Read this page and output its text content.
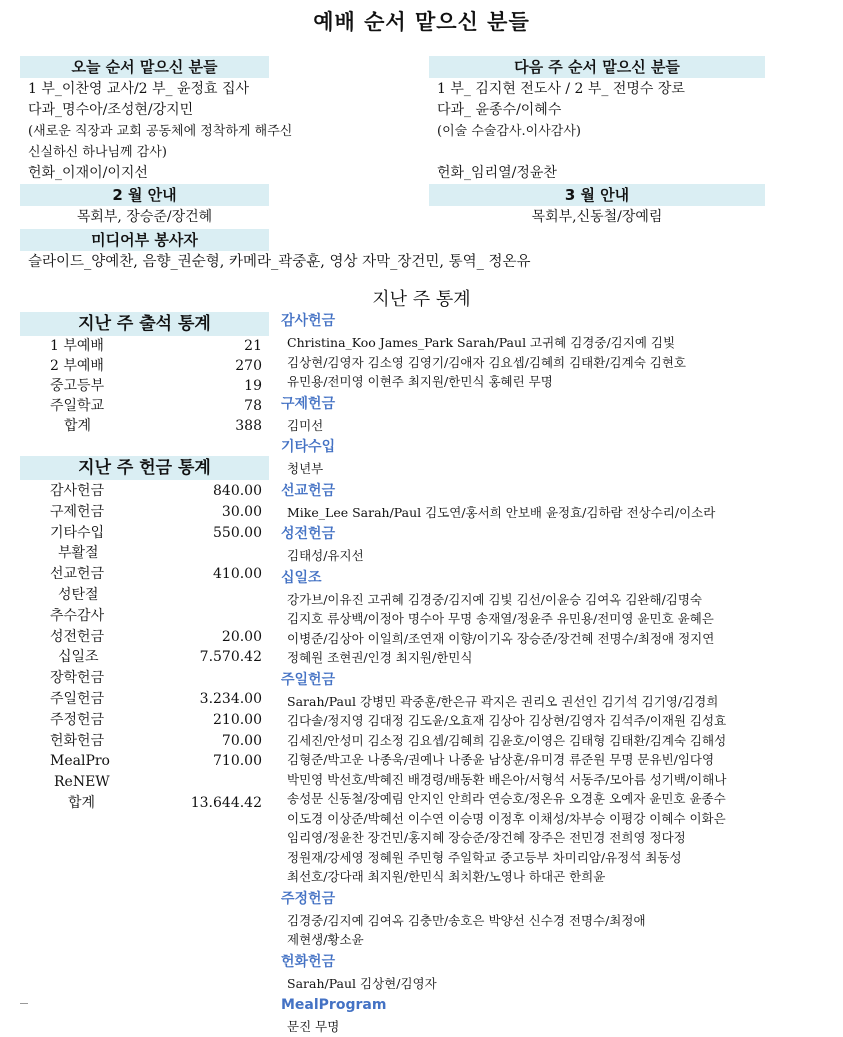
예배 순서 맡으신 분들
오늘 순서 맡으신 분들
1 부_이찬영 교사/2 부_ 윤정효 집사
다과_명수아/조성현/강지민
(새로운 직장과 교회 공동체에 정착하게 해주신
신실하신 하나님께 감사)
헌화_이재이/이지선
다음 주 순서 맡으신 분들
1 부_ 김지현 전도사 / 2 부_ 전명수 장로
다과_ 윤종수/이혜수
(이술 수술감사.이사감사)
헌화_임리열/정윤찬
2 월 안내
목회부, 장승준/장건혜
3 월 안내
목회부,신동철/장예림
미디어부 봉사자
슬라이드_양예찬, 음향_권순형, 카메라_곽중훈, 영상 자막_장건민, 통역_ 정온유
지난 주 통계
지난 주 출석 통계
1 부예배	21
2 부예배	270
중고등부	19
주일학교	78
합계	388
지난 주 헌금 통계
감사헌금	840.00
구제헌금	30.00
기타수입	550.00
부활절
선교헌금	410.00
성탄절
추수감사
성전헌금	20.00
십일조	7.570.42
장학헌금
주일헌금	3.234.00
주정헌금	210.00
헌화헌금	70.00
MealPro	710.00
ReNEW
합계	13.644.42
감사헌금
Christina_Koo James_Park Sarah/Paul 고귀혜 김경중/김지예 김빛
김상현/김영자 김소영 김영기/김애자 김요셉/김혜희 김태환/김계숙 김현호
유민용/전미영 이현주 최지원/한민식 홍혜린 무명
구제헌금
김미선
기타수입
청년부
선교헌금
Mike_Lee Sarah/Paul 김도연/홍서희 안보배 윤정효/김하람 전상수리/이소라
성전헌금
김태성/유지선
십일조
강가브/이유진 고귀혜 김경중/김지예 김빛 김선/이윤승 김여옥 김완해/김명숙
김지호 류상백/이정아 명수아 무명 송재열/정윤주 유민용/전미영 윤민호 윤혜은
이병준/김상아 이일희/조연재 이향/이기옥 장승준/장건혜 전명수/최정애 정지연
정혜원 조현권/인경 최지원/한민식
주일헌금
Sarah/Paul 강병민 곽중훈/한은규 곽지은 권리오 권선인 김기석 김기영/김경희
김다솔/정지영 김대정 김도윤/오효재 김상아 김상현/김영자 김석주/이재원 김성효
김세진/안성미 김소정 김요셉/김혜희 김윤호/이영은 김태형 김태환/김계숙 김해성
김형준/박고운 나종욱/권예나 나종윤 남상훈/유미경 류준원 무명 문유빈/임다영
박민영 박선호/박혜진 배경령/배동환 배은아/서형석 서동주/모아름 성기백/이해나
송성문 신동철/장예림 안지인 안희라 연승호/정온유 오경훈 오예자 윤민호 윤종수
이도경 이상준/박혜선 이수연 이승명 이정후 이채성/차부승 이평강 이혜수 이화은
임리영/정윤찬 장건민/홍지혜 장승준/장건혜 장주은 전민경 전희영 정다정
정원재/강세영 정혜원 주민형 주일학교 중고등부 차미리암/유정석 최동성
최선호/강다래 최지원/한민식 최치환/노영나 하대곤 한희윤
주정헌금
김경중/김지예 김여옥 김충만/송호은 박양선 신수경 전명수/최정애
제현생/황소윤
헌화헌금
Sarah/Paul 김상현/김영자
MealProgram
문진 무명
